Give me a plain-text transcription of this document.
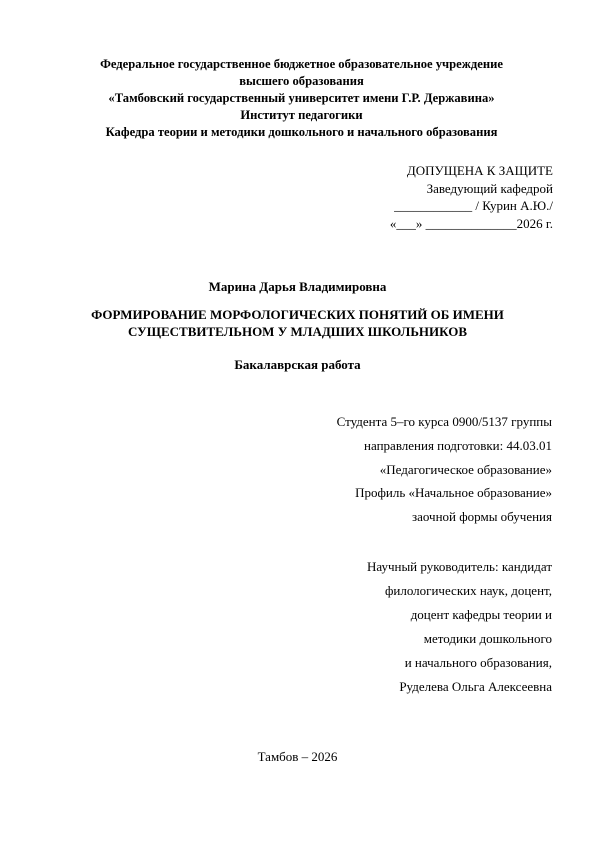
Федеральное государственное бюджетное образовательное учреждение
высшего образования
«Тамбовский государственный университет имени Г.Р. Державина»
Институт педагогики
Кафедра теории и методики дошкольного и начального образования
ДОПУЩЕНА К ЗАЩИТЕ
Заведующий кафедрой
____________ / Курин А.Ю./
«___» ______________2026 г.
Марина Дарья Владимировна
ФОРМИРОВАНИЕ МОРФОЛОГИЧЕСКИХ ПОНЯТИЙ ОБ ИМЕНИ
СУЩЕСТВИТЕЛЬНОМ У МЛАДШИХ ШКОЛЬНИКОВ
Бакалаврская работа
Студента 5–го курса 0900/5137 группы
направления подготовки: 44.03.01
«Педагогическое образование»
Профиль «Начальное образование»
заочной формы обучения
Научный руководитель: кандидат
филологических наук, доцент,
доцент кафедры теории и
методики дошкольного
и начального образования,
Руделева Ольга Алексеевна
Тамбов – 2026
